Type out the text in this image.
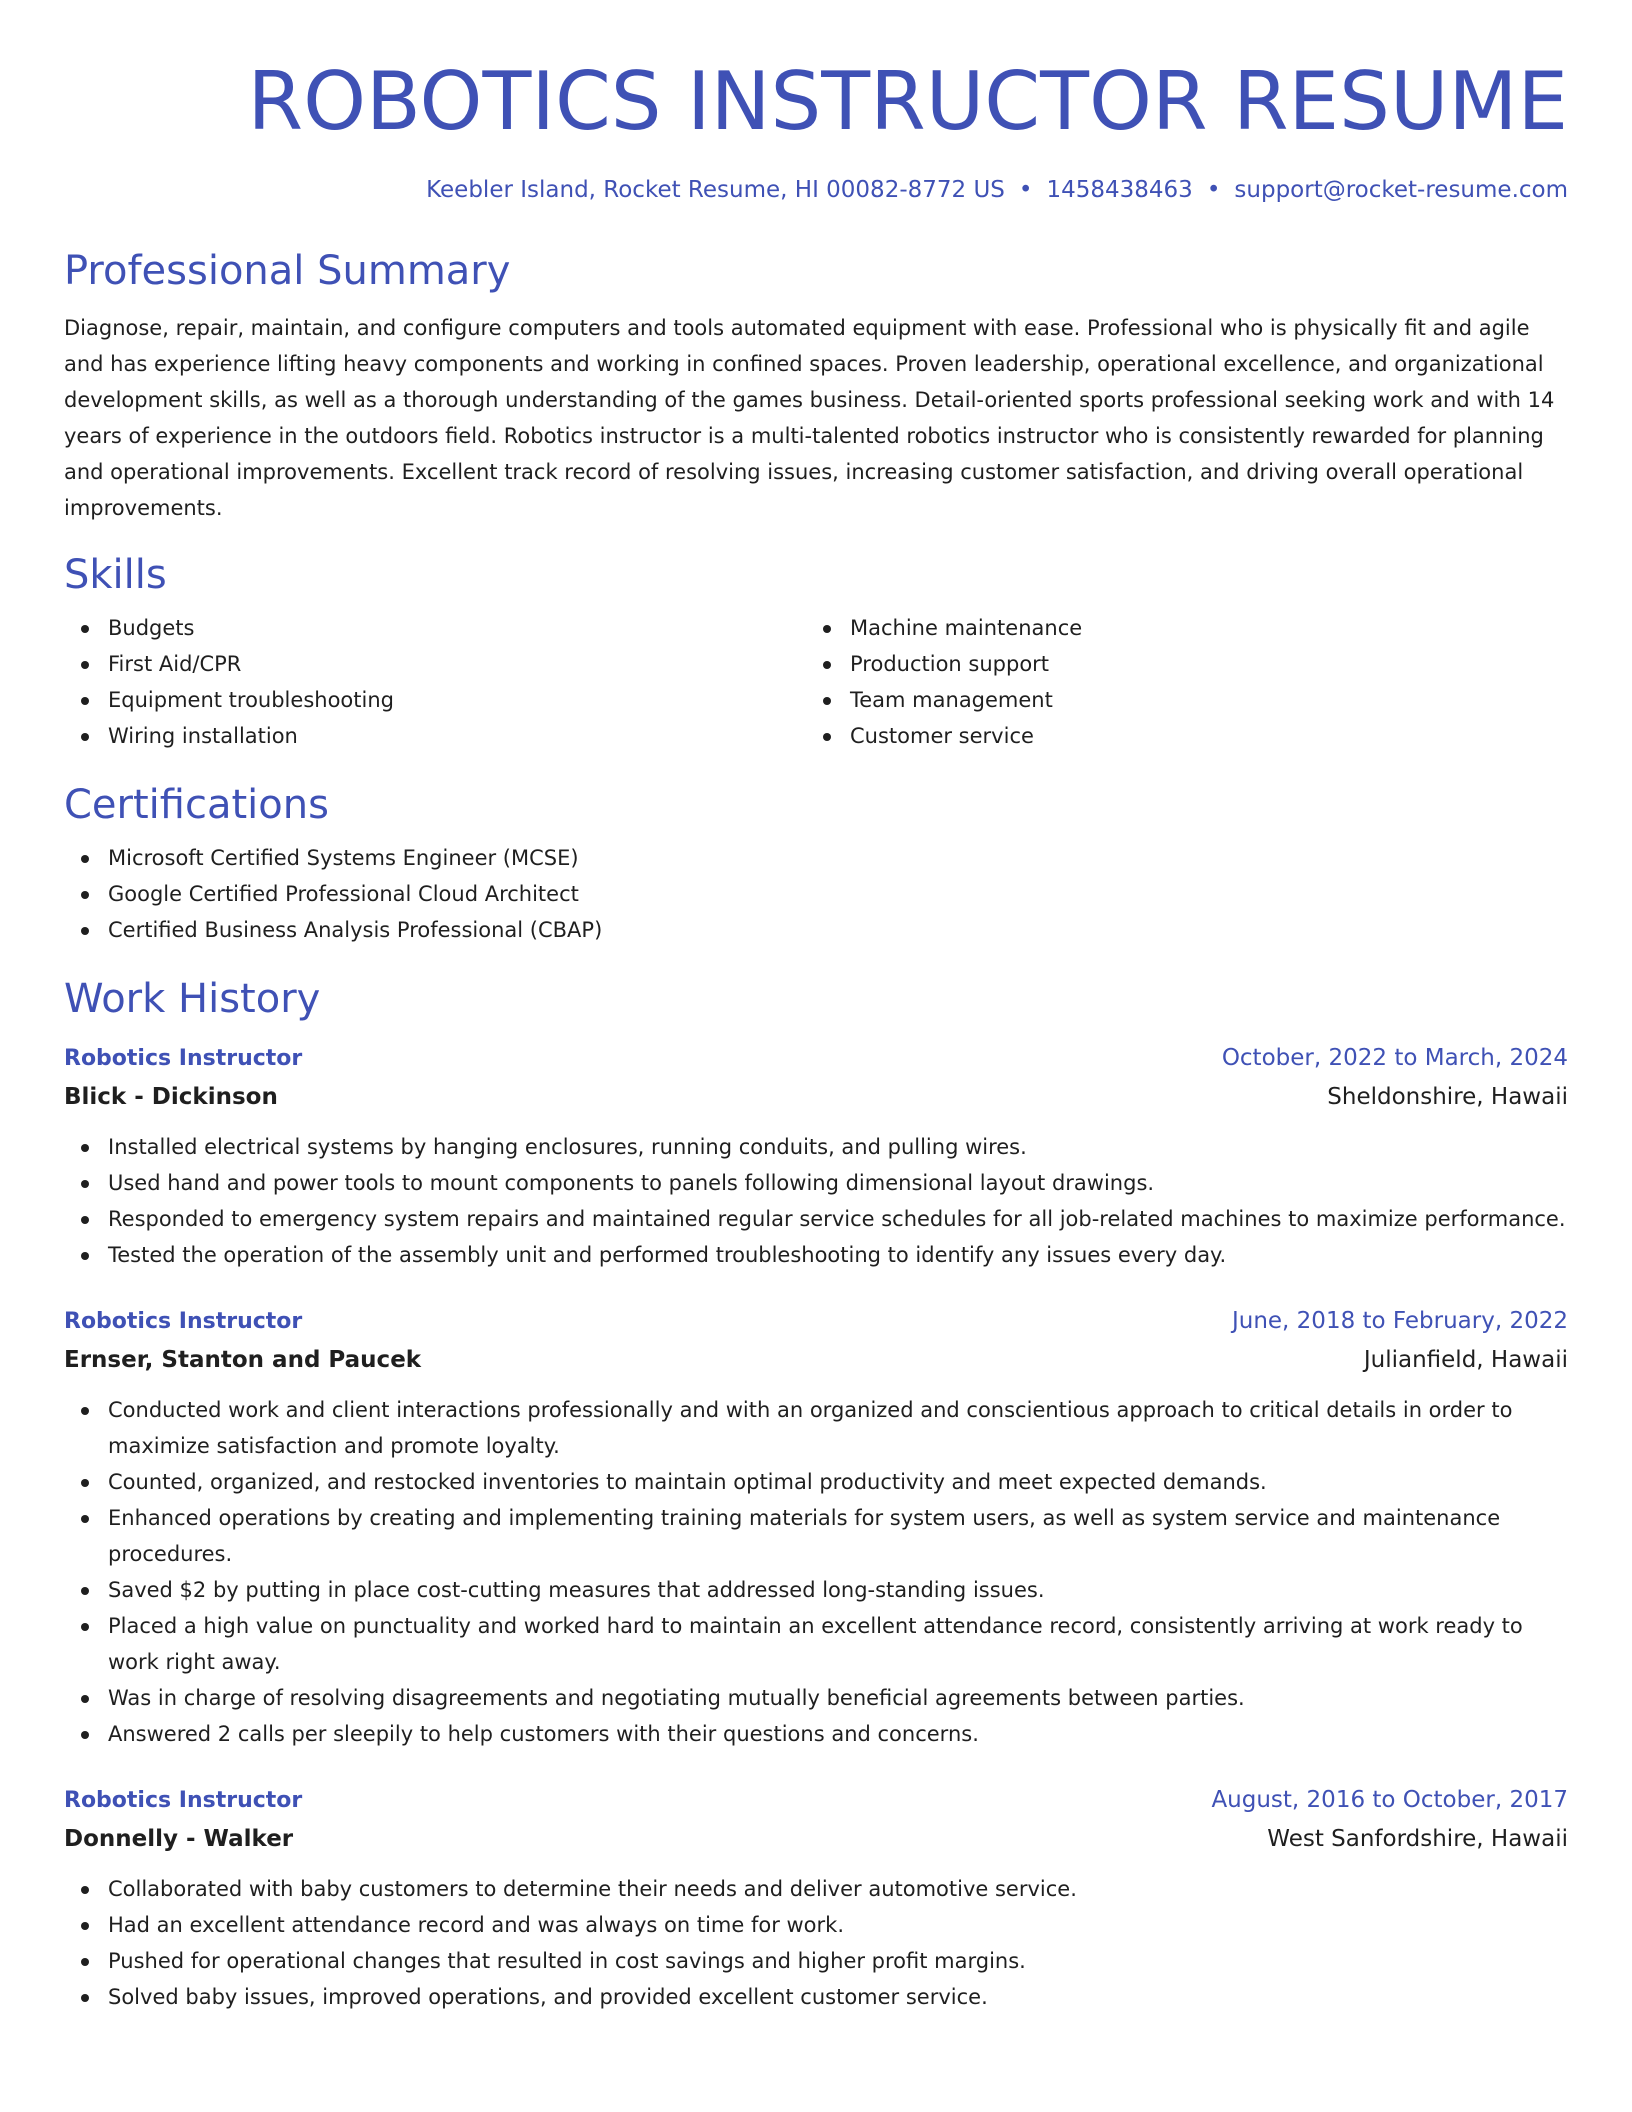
ROBOTICS INSTRUCTOR RESUME
Keebler Island, Rocket Resume, HI 00082-8772 US • 1458438463 • support@rocket-resume.com
Professional Summary

Diagnose, repair, maintain, and configure computers and tools automated equipment with ease. Professional who is physically fit and agile and has experience lifting heavy components and working in confined spaces. Proven leadership, operational excellence, and organizational development skills, as well as a thorough understanding of the games business. Detail-oriented sports professional seeking work and with 14 years of experience in the outdoors field. Robotics instructor is a multi-talented robotics instructor who is consistently rewarded for planning and operational improvements. Excellent track record of resolving issues, increasing customer satisfaction, and driving overall operational improvements.

Skills
Budgets
First Aid/CPR
Equipment troubleshooting
Wiring installation
Machine maintenance
Production support
Team management
Customer service
Certifications
Microsoft Certified Systems Engineer (MCSE)
Google Certified Professional Cloud Architect
Certified Business Analysis Professional (CBAP)
Work History
Robotics Instructor	October, 2022 to March, 2024
Blick - Dickinson	Sheldonshire, Hawaii
Installed electrical systems by hanging enclosures, running conduits, and pulling wires.
Used hand and power tools to mount components to panels following dimensional layout drawings.
Responded to emergency system repairs and maintained regular service schedules for all job-related machines to maximize performance.
Tested the operation of the assembly unit and performed troubleshooting to identify any issues every day.
Robotics Instructor	June, 2018 to February, 2022
Ernser, Stanton and Paucek	Julianfield, Hawaii
Conducted work and client interactions professionally and with an organized and conscientious approach to critical details in order to maximize satisfaction and promote loyalty.
Counted, organized, and restocked inventories to maintain optimal productivity and meet expected demands.
Enhanced operations by creating and implementing training materials for system users, as well as system service and maintenance procedures.
Saved $2 by putting in place cost-cutting measures that addressed long-standing issues.
Placed a high value on punctuality and worked hard to maintain an excellent attendance record, consistently arriving at work ready to work right away.
Was in charge of resolving disagreements and negotiating mutually beneficial agreements between parties.
Answered 2 calls per sleepily to help customers with their questions and concerns.
Robotics Instructor	August, 2016 to October, 2017
Donnelly - Walker	West Sanfordshire, Hawaii
Collaborated with baby customers to determine their needs and deliver automotive service.
Had an excellent attendance record and was always on time for work.
Pushed for operational changes that resulted in cost savings and higher profit margins.
Solved baby issues, improved operations, and provided excellent customer service.
